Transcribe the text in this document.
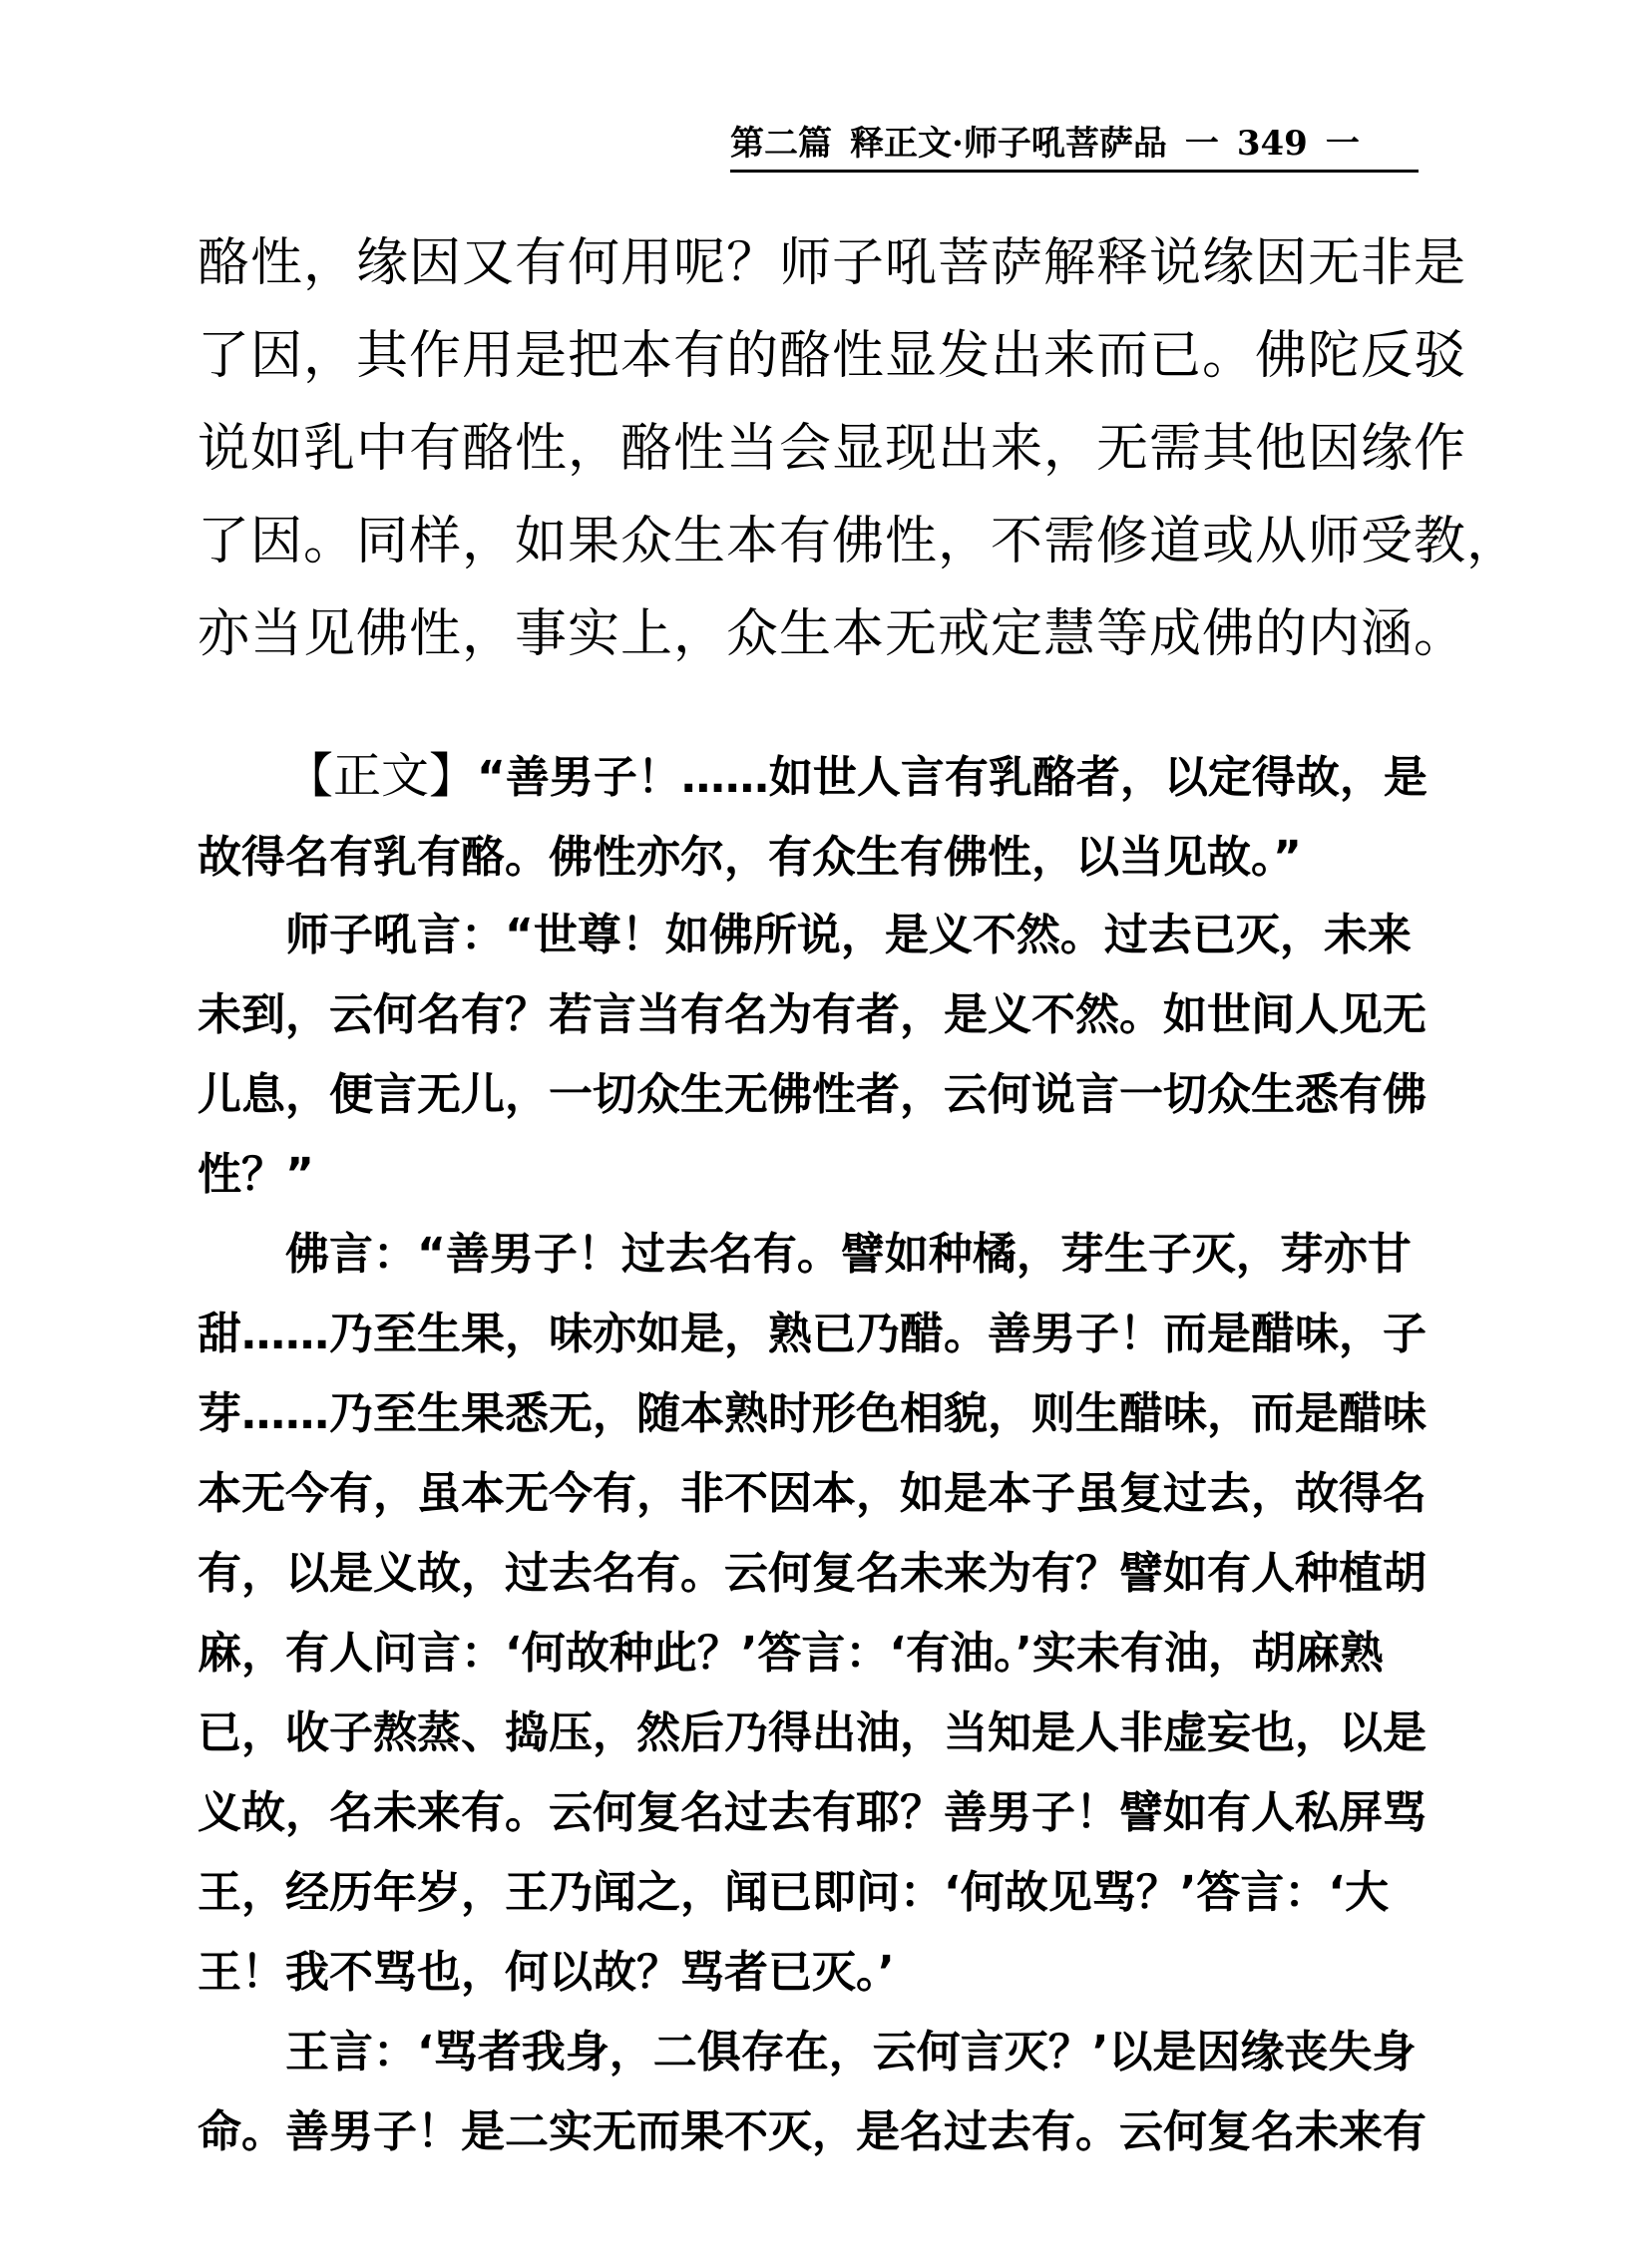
第二篇 释正文·师子吼菩萨品 一 349 一

酪性，缘因又有何用呢？师子吼菩萨解释说缘因无非是
了因，其作用是把本有的酪性显发出来而已。佛陀反驳
说如乳中有酪性，酪性当会显现出来，无需其他因缘作
了因。同样，如果众生本有佛性，不需修道或从师受教，
亦当见佛性，事实上，众生本无戒定慧等成佛的内涵。

【正文】“善男子！……如世人言有乳酪者，以定得故，是
故得名有乳有酪。佛性亦尔，有众生有佛性，以当见故。”

师子吼言：“世尊！如佛所说，是义不然。过去已灭，未来
未到，云何名有？若言当有名为有者，是义不然。如世间人见无
儿息，便言无儿，一切众生无佛性者，云何说言一切众生悉有佛
性？”

佛言：“善男子！过去名有。譬如种橘，芽生子灭，芽亦甘
甜……乃至生果，味亦如是，熟已乃醋。善男子！而是醋味，子
芽……乃至生果悉无，随本熟时形色相貌，则生醋味，而是醋味
本无今有，虽本无今有，非不因本，如是本子虽复过去，故得名
有，以是义故，过去名有。云何复名未来为有？譬如有人种植胡
麻，有人问言：‘何故种此？’答言：‘有油。’实未有油，胡麻熟
已，收子熬蒸、捣压，然后乃得出油，当知是人非虚妄也，以是
义故，名未来有。云何复名过去有耶？善男子！譬如有人私屏骂
王，经历年岁，王乃闻之，闻已即问：‘何故见骂？’答言：‘大
王！我不骂也，何以故？骂者已灭。’

王言：‘骂者我身，二俱存在，云何言灭？’以是因缘丧失身
命。善男子！是二实无而果不灭，是名过去有。云何复名未来有
